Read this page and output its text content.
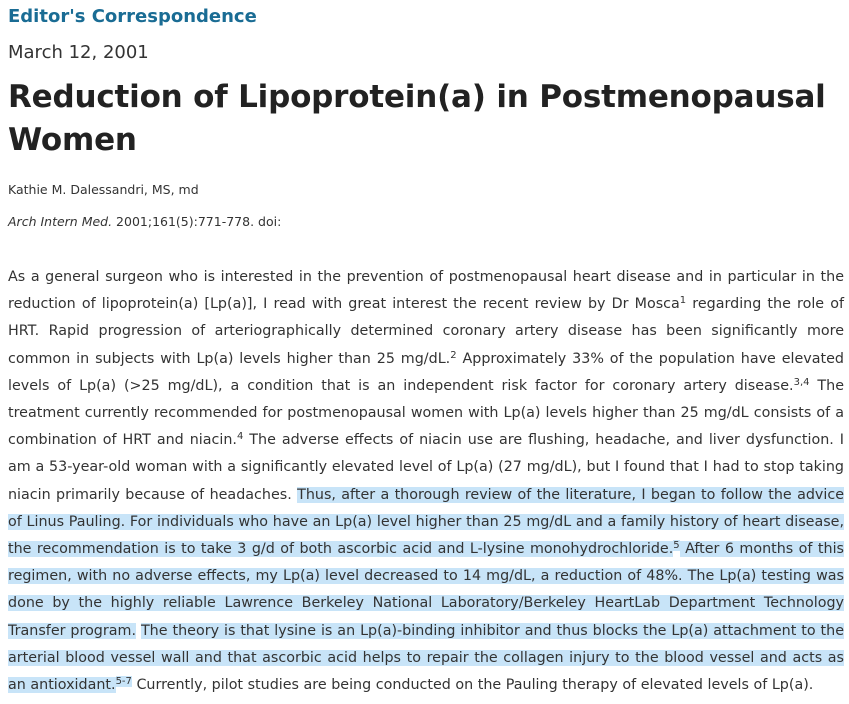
Editor's Correspondence
March 12, 2001
Reduction of Lipoprotein(a) in Postmenopausal Women
Kathie M. Dalessandri, MS, md
Arch Intern Med. 2001;161(5):771-778. doi:

As a general surgeon who is interested in the prevention of postmenopausal heart disease and in particular in the reduction of lipoprotein(a) [Lp(a)], I read with great interest the recent review by Dr Mosca$^1$ regarding the role of HRT. Rapid progression of arteriographically determined coronary artery disease has been significantly more common in subjects with Lp(a) levels higher than 25 mg/dL.$^2$ Approximately 33% of the population have elevated levels of Lp(a) (>25 mg/dL), a condition that is an independent risk factor for coronary artery disease.$^{3,4}$ The treatment currently recommended for postmenopausal women with Lp(a) levels higher than 25 mg/dL consists of a combination of HRT and niacin.$^4$ The adverse effects of niacin use are flushing, headache, and liver dysfunction. I am a 53-year-old woman with a significantly elevated level of Lp(a) (27 mg/dL), but I found that I had to stop taking niacin primarily because of headaches. Thus, after a thorough review of the literature, I began to follow the advice of Linus Pauling. For individuals who have an Lp(a) level higher than 25 mg/dL and a family history of heart disease, the recommendation is to take 3 g/d of both ascorbic acid and L-lysine monohydrochloride.$^5$ After 6 months of this regimen, with no adverse effects, my Lp(a) level decreased to 14 mg/dL, a reduction of 48%. The Lp(a) testing was done by the highly reliable Lawrence Berkeley National Laboratory/Berkeley HeartLab Department Technology Transfer program. The theory is that lysine is an Lp(a)-binding inhibitor and thus blocks the Lp(a) attachment to the arterial blood vessel wall and that ascorbic acid helps to repair the collagen injury to the blood vessel and acts as an antioxidant.$^{5-7}$ Currently, pilot studies are being conducted on the Pauling therapy of elevated levels of Lp(a).
